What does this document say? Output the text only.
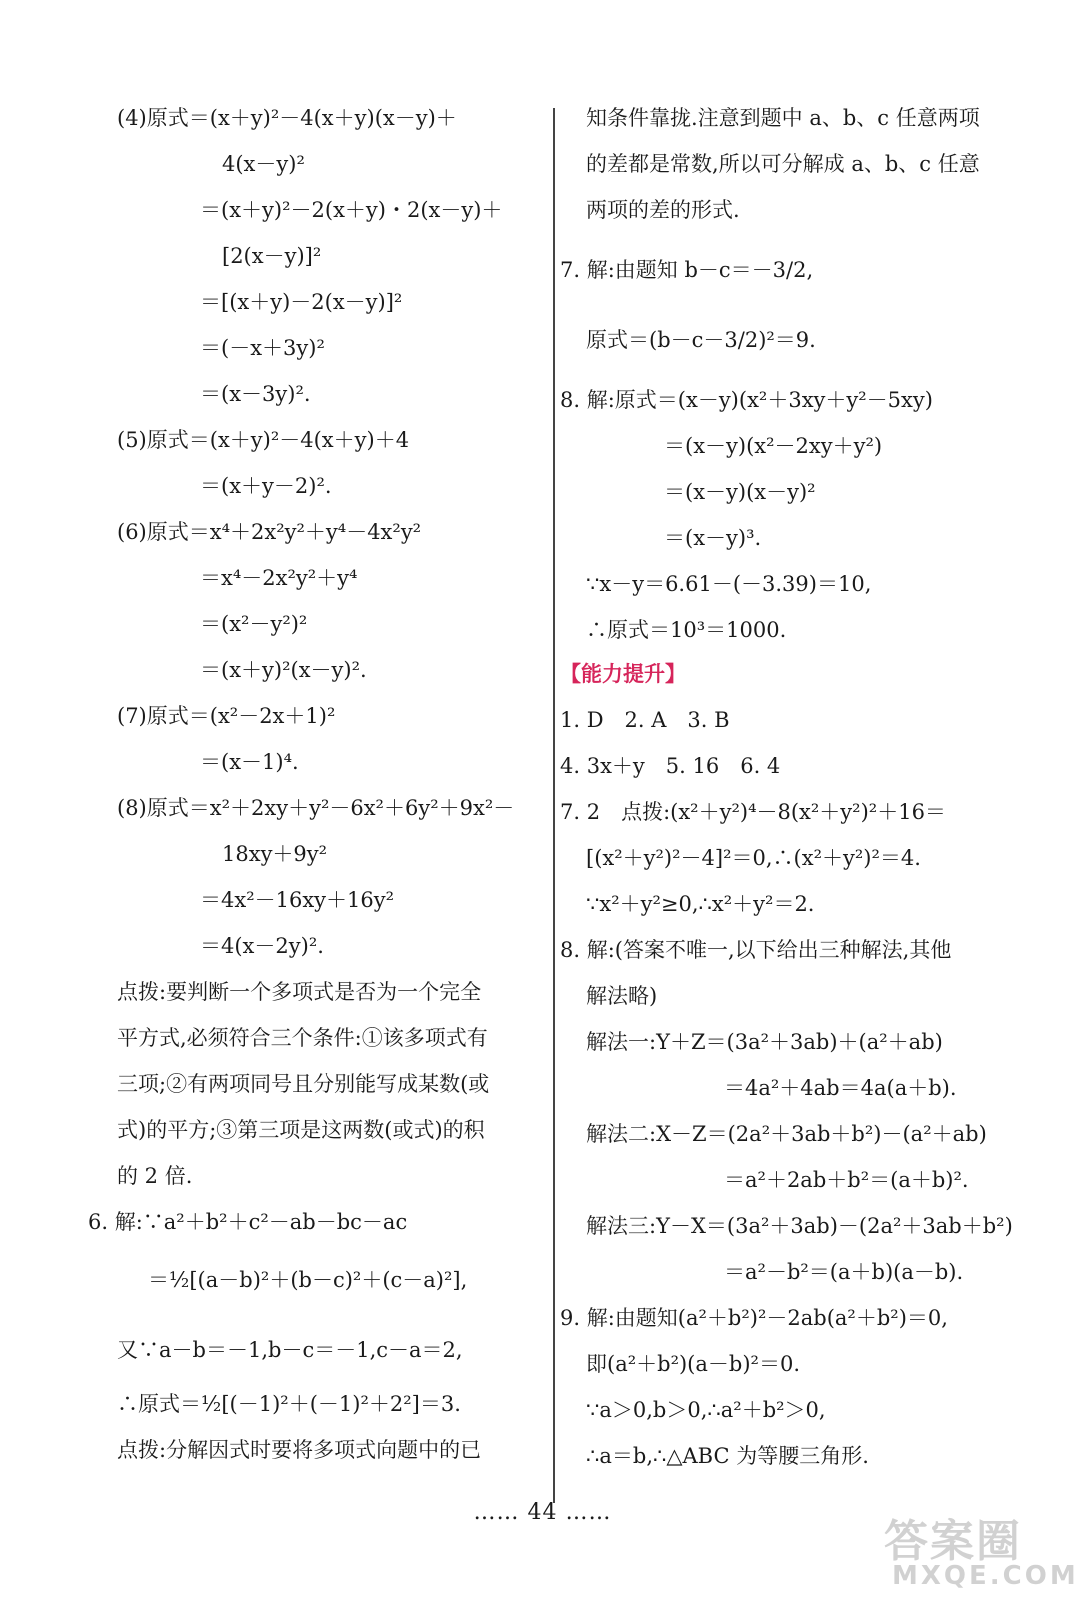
(4)原式＝(x＋y)²－4(x＋y)(x－y)＋
4(x－y)²
＝(x＋y)²－2(x＋y)・2(x－y)＋
[2(x－y)]²
＝[(x＋y)－2(x－y)]²
＝(－x＋3y)²
＝(x－3y)².
(5)原式＝(x＋y)²－4(x＋y)＋4
＝(x＋y－2)².
(6)原式＝x⁴＋2x²y²＋y⁴－4x²y²
＝x⁴－2x²y²＋y⁴
＝(x²－y²)²
＝(x＋y)²(x－y)².
(7)原式＝(x²－2x＋1)²
＝(x－1)⁴.
(8)原式＝x²＋2xy＋y²－6x²＋6y²＋9x²－
18xy＋9y²
＝4x²－16xy＋16y²
＝4(x－2y)².
点拨:要判断一个多项式是否为一个完全
平方式,必须符合三个条件:①该多项式有
三项;②有两项同号且分别能写成某数(或
式)的平方;③第三项是这两数(或式)的积
的 2 倍.
6. 解:∵a²＋b²＋c²－ab－bc－ac
＝½[(a－b)²＋(b－c)²＋(c－a)²],
又∵a－b＝－1,b－c＝－1,c－a＝2,
∴原式＝½[(－1)²＋(－1)²＋2²]＝3.
点拨:分解因式时要将多项式向题中的已
知条件靠拢.注意到题中 a、b、c 任意两项
的差都是常数,所以可分解成 a、b、c 任意
两项的差的形式.
7. 解:由题知 b－c＝－3/2,
原式＝(b－c－3/2)²＝9.
8. 解:原式＝(x－y)(x²＋3xy＋y²－5xy)
＝(x－y)(x²－2xy＋y²)
＝(x－y)(x－y)²
＝(x－y)³.
∵x－y＝6.61－(－3.39)＝10,
∴原式＝10³＝1000.
【能力提升】
1. D　2. A　3. B
4. 3x＋y　5. 16　6. 4
7. 2　点拨:(x²＋y²)⁴－8(x²＋y²)²＋16＝
[(x²＋y²)²－4]²＝0,∴(x²＋y²)²＝4.
∵x²＋y²≥0,∴x²＋y²＝2.
8. 解:(答案不唯一,以下给出三种解法,其他
解法略)
解法一:Y＋Z＝(3a²＋3ab)＋(a²＋ab)
＝4a²＋4ab＝4a(a＋b).
解法二:X－Z＝(2a²＋3ab＋b²)－(a²＋ab)
＝a²＋2ab＋b²＝(a＋b)².
解法三:Y－X＝(3a²＋3ab)－(2a²＋3ab＋b²)
＝a²－b²＝(a＋b)(a－b).
9. 解:由题知(a²＋b²)²－2ab(a²＋b²)＝0,
即(a²＋b²)(a－b)²＝0.
∵a＞0,b＞0,∴a²＋b²＞0,
∴a＝b,∴△ABC 为等腰三角形.
…… 44 ……
答案圈
MXQE.COM
